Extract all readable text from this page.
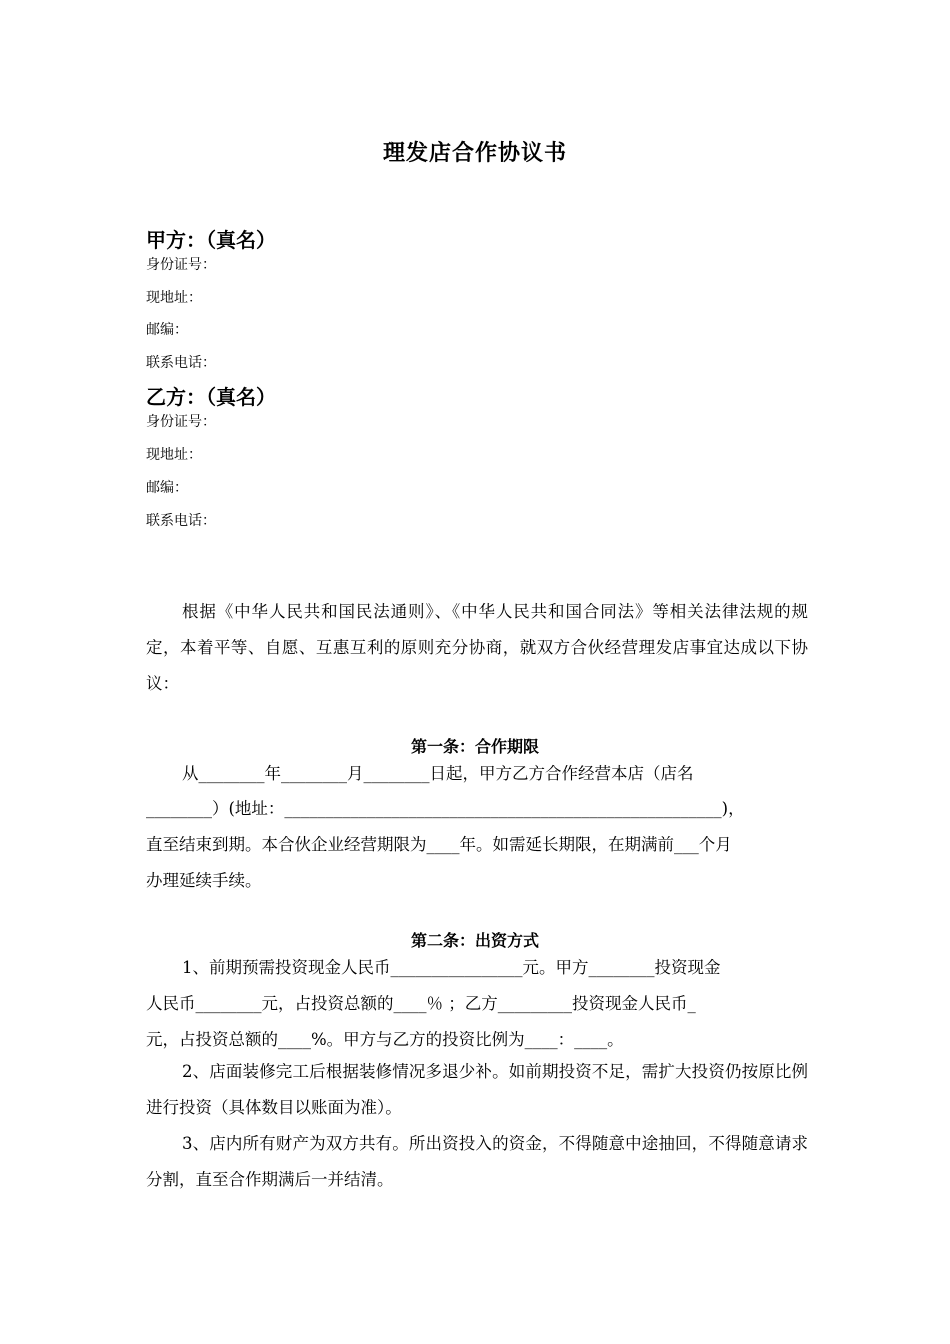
理发店合作协议书
甲方：（真名）
身份证号：
现地址：
邮编：
联系电话：
乙方：（真名）
身份证号：
现地址：
邮编：
联系电话：
根据《中华人民共和国民法通则》、《中华人民共和国合同法》等相关法律法规的规定，本着平等、自愿、互惠互利的原则充分协商，就双方合伙经营理发店事宜达成以下协议：
第一条：合作期限
从________年________月________日起，甲方乙方合作经营本店（店名
________）(地址：_____________________________________________________)，
直至结束到期。本合伙企业经营期限为____年。如需延长期限，在期满前___个月
办理延续手续。
第二条：出资方式
1、前期预需投资现金人民币________________元。甲方________投资现金
人民币________元，占投资总额的____％ ；乙方_________投资现金人民币_
元，占投资总额的____%。甲方与乙方的投资比例为____：____。
2、店面装修完工后根据装修情况多退少补。如前期投资不足，需扩大投资仍按原比例进行投资（具体数目以账面为准）。
3、店内所有财产为双方共有。所出资投入的资金，不得随意中途抽回，不得随意请求分割，直至合作期满后一并结清。
